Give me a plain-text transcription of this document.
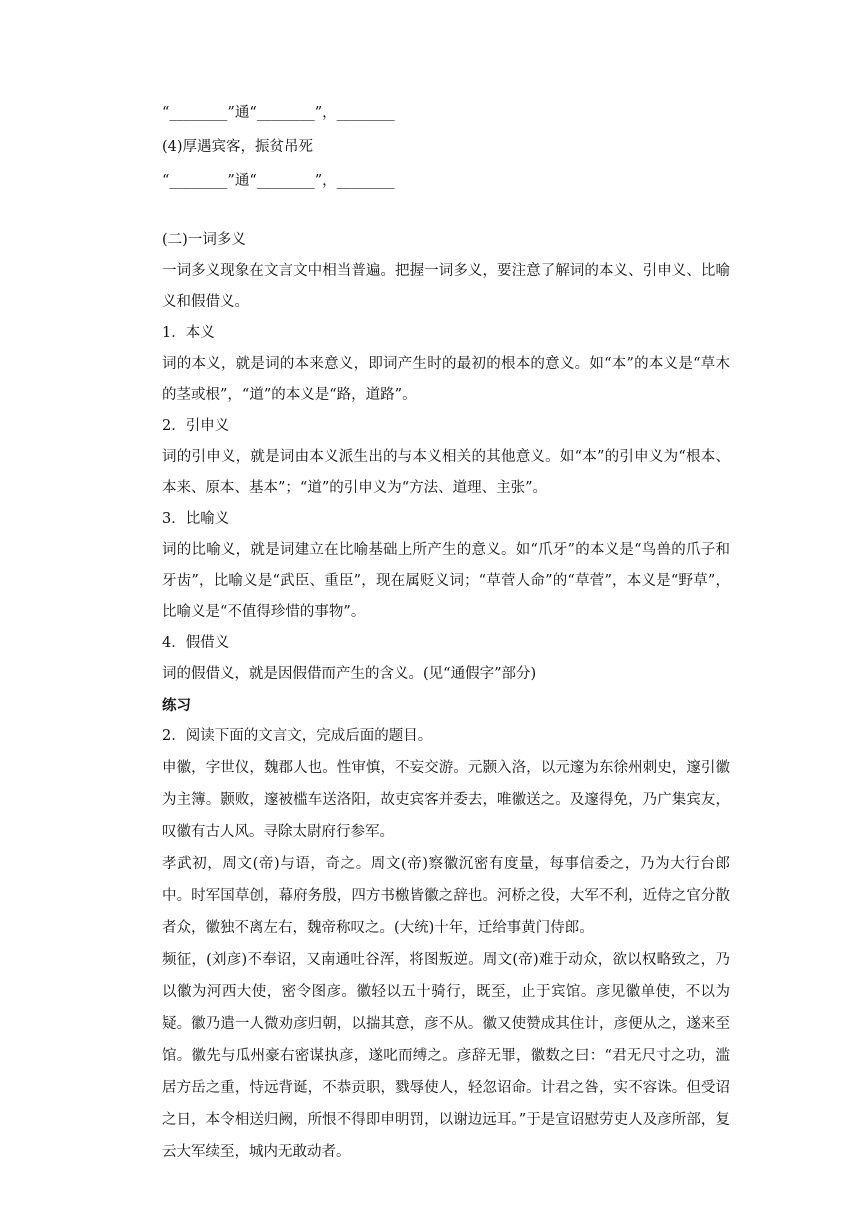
“________”通“________”，________
(4)厚遇宾客，振贫吊死
“________”通“________”，________
(二)一词多义
一词多义现象在文言文中相当普遍。把握一词多义，要注意了解词的本义、引申义、比喻义和假借义。
1．本义
词的本义，就是词的本来意义，即词产生时的最初的根本的意义。如“本”的本义是“草木的茎或根”，“道”的本义是“路，道路”。
2．引申义
词的引申义，就是词由本义派生出的与本义相关的其他意义。如“本”的引申义为“根本、本来、原本、基本”；“道”的引申义为“方法、道理、主张”。
3．比喻义
词的比喻义，就是词建立在比喻基础上所产生的意义。如“爪牙”的本义是“鸟兽的爪子和牙齿”，比喻义是“武臣、重臣”，现在属贬义词；“草菅人命”的“草菅”，本义是“野草”，比喻义是“不值得珍惜的事物”。
4．假借义
词的假借义，就是因假借而产生的含义。(见“通假字”部分)
练习
2．阅读下面的文言文，完成后面的题目。
申徽，字世仪，魏郡人也。性审慎，不妄交游。元颢入洛，以元邃为东徐州刺史，邃引徽为主簿。颢败，邃被槛车送洛阳，故吏宾客并委去，唯徽送之。及邃得免，乃广集宾友，叹徽有古人风。寻除太尉府行参军。
孝武初，周文(帝)与语，奇之。周文(帝)察徽沉密有度量，每事信委之，乃为大行台郎中。时军国草创，幕府务殷，四方书檄皆徽之辞也。河桥之役，大军不利，近侍之官分散者众，徽独不离左右，魏帝称叹之。(大统)十年，迁给事黄门侍郎。
频征，(刘彦)不奉诏，又南通吐谷浑，将图叛逆。周文(帝)难于动众，欲以权略致之，乃以徽为河西大使，密令图彦。徽轻以五十骑行，既至，止于宾馆。彦见徽单使，不以为疑。徽乃遣一人微劝彦归朝，以揣其意，彦不从。徽又使赞成其住计，彦便从之，遂来至馆。徽先与瓜州豪右密谋执彦，遂叱而缚之。彦辞无罪，徽数之曰：“君无尺寸之功，滥居方岳之重，恃远背诞，不恭贡职，戮辱使人，轻忽诏命。计君之咎，实不容诛。但受诏之日，本令相送归阙，所恨不得即申明罚，以谢边远耳。”于是宣诏慰劳吏人及彦所部，复云大军续至，城内无敢动者。
